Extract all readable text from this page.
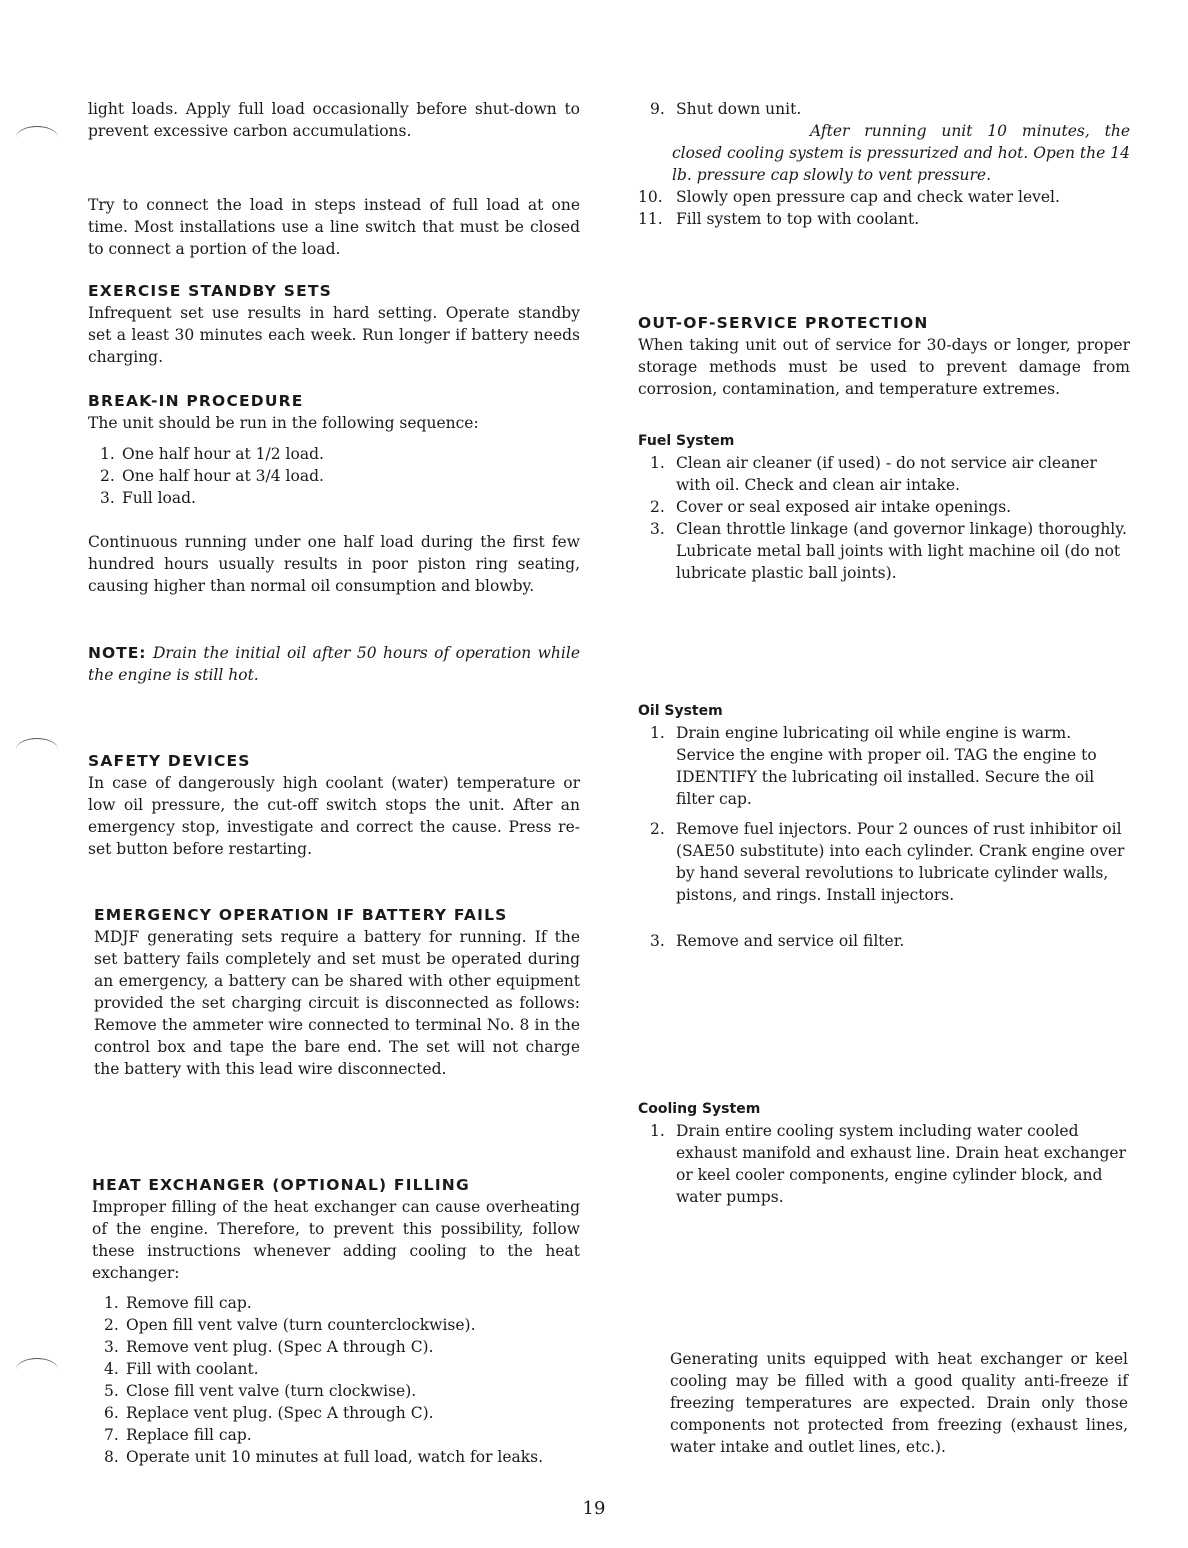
light loads. Apply full load occasionally before shut-down to prevent excessive carbon accumulations.

Try to connect the load in steps instead of full load at one time. Most installations use a line switch that must be closed to connect a portion of the load.

EXERCISE STANDBY SETS

Infrequent set use results in hard setting. Operate standby set a least 30 minutes each week. Run longer if battery needs charging.

BREAK-IN PROCEDURE

The unit should be run in the following sequence:

1. One half hour at 1/2 load.
2. One half hour at 3/4 load.
3. Full load.

Continuous running under one half load during the first few hundred hours usually results in poor piston ring seating, causing higher than normal oil consumption and blowby.

NOTE: Drain the initial oil after 50 hours of operation while the engine is still hot.

SAFETY DEVICES

In case of dangerously high coolant (water) temperature or low oil pressure, the cut-off switch stops the unit. After an emergency stop, investigate and correct the cause. Press re-set button before restarting.

EMERGENCY OPERATION IF BATTERY FAILS

MDJF generating sets require a battery for running. If the set battery fails completely and set must be operated during an emergency, a battery can be shared with other equipment provided the set charging circuit is disconnected as follows: Remove the ammeter wire connected to terminal No. 8 in the control box and tape the bare end. The set will not charge the battery with this lead wire disconnected.

HEAT EXCHANGER (OPTIONAL) FILLING

Improper filling of the heat exchanger can cause overheating of the engine. Therefore, to prevent this possibility, follow these instructions whenever adding cooling to the heat exchanger:

1. Remove fill cap.
2. Open fill vent valve (turn counterclockwise).
3. Remove vent plug. (Spec A through C).
4. Fill with coolant.
5. Close fill vent valve (turn clockwise).
6. Replace vent plug. (Spec A through C).
7. Replace fill cap.
8. Operate unit 10 minutes at full load, watch for leaks.
9. Shut down unit.

After running unit 10 minutes, the closed cooling system is pressurized and hot. Open the 14 lb. pressure cap slowly to vent pressure.

10. Slowly open pressure cap and check water level.
11. Fill system to top with coolant.
OUT-OF-SERVICE PROTECTION

When taking unit out of service for 30-days or longer, proper storage methods must be used to prevent damage from corrosion, contamination, and temperature extremes.

Fuel System
1. Clean air cleaner (if used) - do not service air cleaner with oil. Check and clean air intake.
2. Cover or seal exposed air intake openings.
3. Clean throttle linkage (and governor linkage) thoroughly. Lubricate metal ball joints with light machine oil (do not lubricate plastic ball joints).
Oil System
1. Drain engine lubricating oil while engine is warm. Service the engine with proper oil. TAG the engine to IDENTIFY the lubricating oil installed. Secure the oil filter cap.
2. Remove fuel injectors. Pour 2 ounces of rust inhibitor oil (SAE50 substitute) into each cylinder. Crank engine over by hand several revolutions to lubricate cylinder walls, pistons, and rings. Install injectors.
3. Remove and service oil filter.
Cooling System
1. Drain entire cooling system including water cooled exhaust manifold and exhaust line. Drain heat exchanger or keel cooler components, engine cylinder block, and water pumps.

Generating units equipped with heat exchanger or keel cooling may be filled with a good quality anti-freeze if freezing temperatures are expected. Drain only those components not protected from freezing (exhaust lines, water intake and outlet lines, etc.).

19
